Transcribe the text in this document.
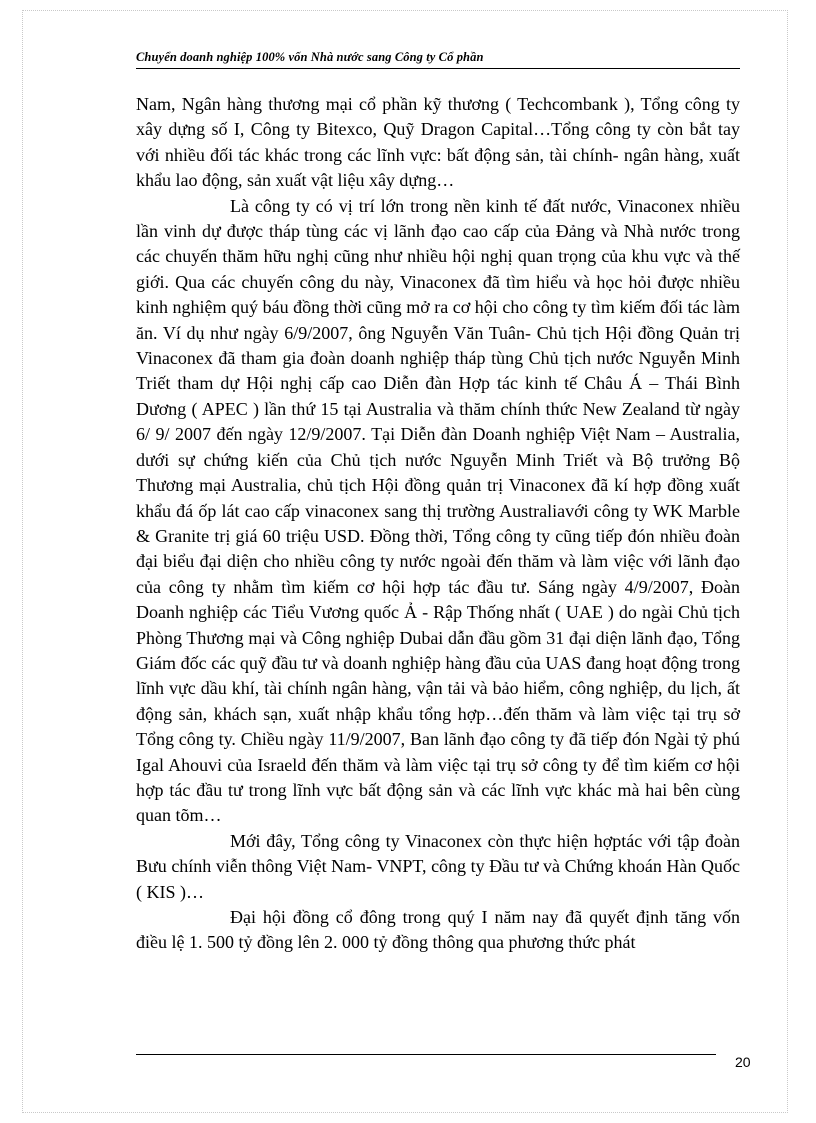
Chuyển doanh nghiệp 100% vốn Nhà nước sang Công ty Cổ phần

Nam, Ngân hàng thương mại cổ phần kỹ thương ( Techcombank ), Tổng công ty xây dựng số I, Công ty Bitexco, Quỹ Dragon Capital…Tổng công ty còn bắt tay với nhiều đối tác khác trong các lĩnh vực: bất động sản, tài chính- ngân hàng, xuất khẩu lao động, sản xuất vật liệu xây dựng…

Là công ty có vị trí lớn trong nền kinh tế đất nước, Vinaconex nhiều lần vinh dự được tháp tùng các vị lãnh đạo cao cấp của Đảng và Nhà nước trong các chuyến thăm hữu nghị cũng như nhiều hội nghị quan trọng của khu vực và thế giới. Qua các chuyến công du này, Vinaconex đã tìm hiểu và học hỏi được nhiều kinh nghiệm quý báu đồng thời cũng mở ra cơ hội cho công ty tìm kiếm đối tác làm ăn. Ví dụ như ngày 6/9/2007, ông Nguyễn Văn Tuân- Chủ tịch Hội đồng Quản trị Vinaconex đã tham gia đoàn doanh nghiệp tháp tùng Chủ tịch nước Nguyễn Minh Triết tham dự Hội nghị cấp cao Diễn đàn Hợp tác kinh tế Châu Á – Thái Bình Dương ( APEC ) lần thứ 15 tại Australia và thăm chính thức New Zealand từ ngày 6/ 9/ 2007 đến ngày 12/9/2007. Tại Diễn đàn Doanh nghiệp Việt Nam – Australia, dưới sự chứng kiến của Chủ tịch nước Nguyễn Minh Triết và Bộ trưởng Bộ Thương mại Australia, chủ tịch Hội đồng quản trị Vinaconex đã kí hợp đồng xuất khẩu đá ốp lát cao cấp vinaconex sang thị trường Australiavới công ty WK Marble & Granite trị giá 60 triệu USD. Đồng thời, Tổng công ty cũng tiếp đón nhiều đoàn đại biểu đại diện cho nhiều công ty nước ngoài đến thăm và làm việc với lãnh đạo của công ty nhằm tìm kiếm cơ hội hợp tác đầu tư. Sáng ngày 4/9/2007, Đoàn Doanh nghiệp các Tiểu Vương quốc Ả - Rập Thống nhất ( UAE ) do ngài Chủ tịch Phòng Thương mại và Công nghiệp Dubai dẫn đầu gồm 31 đại diện lãnh đạo, Tổng Giám đốc các quỹ đầu tư và doanh nghiệp hàng đầu của UAS đang hoạt động trong lĩnh vực dầu khí, tài chính ngân hàng, vận tải và bảo hiểm, công nghiệp, du lịch, ất động sản, khách sạn, xuất nhập khẩu tổng hợp…đến thăm và làm việc tại trụ sở Tổng công ty. Chiều ngày 11/9/2007, Ban lãnh đạo công ty đã tiếp đón Ngài tỷ phú Igal Ahouvi của Israeld đến thăm và làm việc tại trụ sở công ty để tìm kiếm cơ hội hợp tác đầu tư trong lĩnh vực bất động sản và các lĩnh vực khác mà hai bên cùng quan tõm…

Mới đây, Tổng công ty Vinaconex còn thực hiện hợptác với tập đoàn Bưu chính viễn thông Việt Nam- VNPT, công ty Đầu tư và Chứng khoán Hàn Quốc ( KIS )…

Đại hội đồng cổ đông trong quý I năm nay đã quyết định tăng vốn điều lệ 1. 500 tỷ đồng lên 2. 000 tỷ đồng thông qua phương thức phát

20
